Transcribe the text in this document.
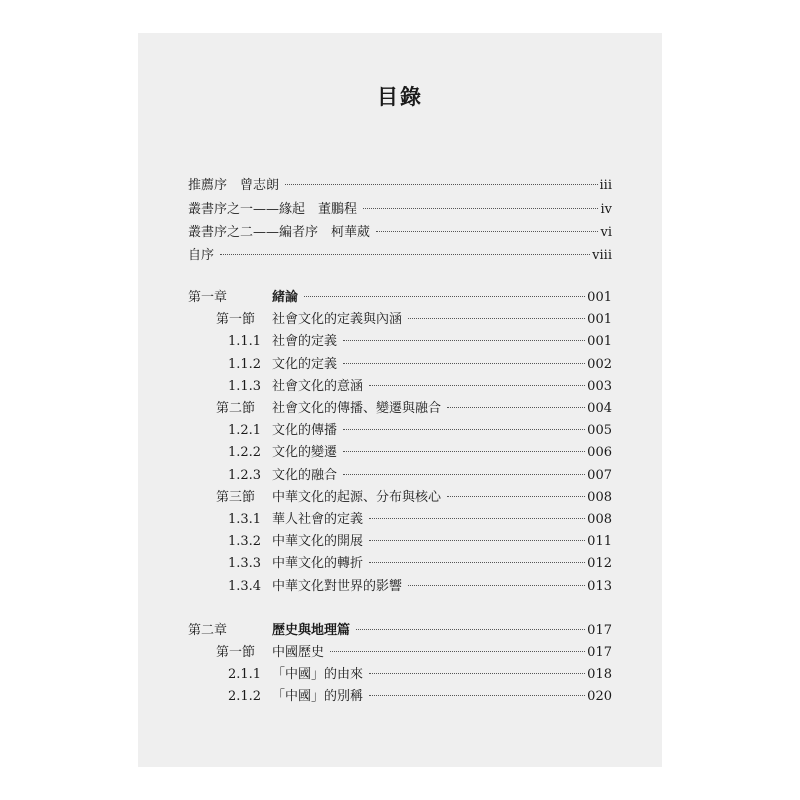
目錄
推薦序　曾志朗	iii
叢書序之一——緣起　董鵬程	iv
叢書序之二——編者序　柯華葳	vi
自序	viii
第一章	緒論	001
第一節	社會文化的定義與內涵	001
1.1.1 社會的定義	001
1.1.2 文化的定義	002
1.1.3 社會文化的意涵	003
第二節	社會文化的傳播、變遷與融合	004
1.2.1 文化的傳播	005
1.2.2 文化的變遷	006
1.2.3 文化的融合	007
第三節	中華文化的起源、分布與核心	008
1.3.1 華人社會的定義	008
1.3.2 中華文化的開展	011
1.3.3 中華文化的轉折	012
1.3.4 中華文化對世界的影響	013
第二章	歷史與地理篇	017
第一節	中國歷史	017
2.1.1 「中國」的由來	018
2.1.2 「中國」的別稱	020
